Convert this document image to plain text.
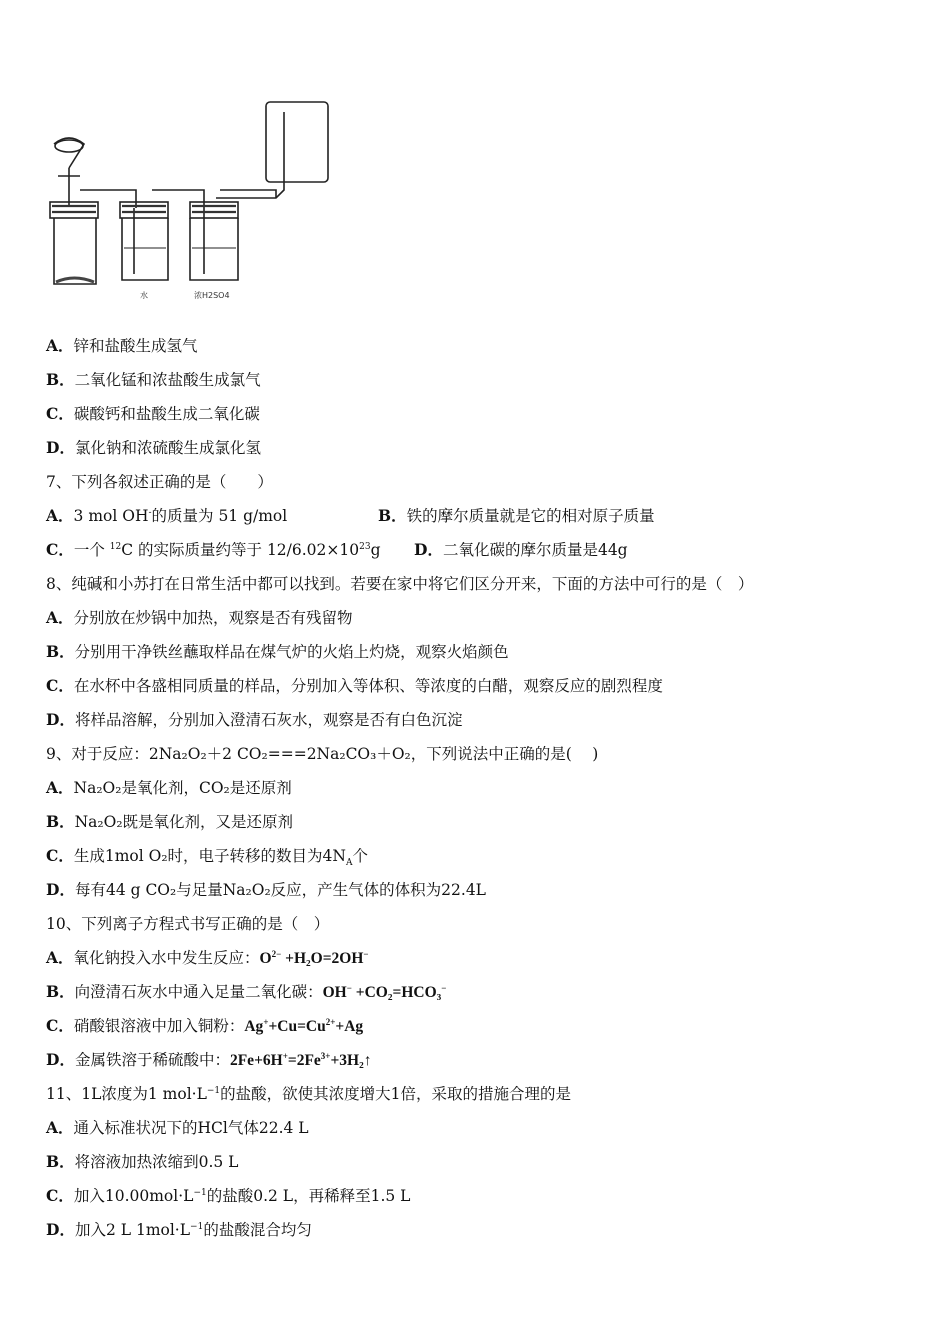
水	浓H2SO4
A．锌和盐酸生成氢气
B．二氧化锰和浓盐酸生成氯气
C．碳酸钙和盐酸生成二氧化碳
D．氯化钠和浓硫酸生成氯化氢
7、下列各叙述正确的是（　　）
A．3 mol OH-的质量为 51 g/mol	B．铁的摩尔质量就是它的相对原子质量
C．一个 $^{12}$C 的实际质量约等于 $12/6.02\times 10^{23}g$ D．二氧化碳的摩尔质量是44g
8、纯碱和小苏打在日常生活中都可以找到。若要在家中将它们区分开来，下面的方法中可行的是（　）
A．分别放在炒锅中加热，观察是否有残留物
B．分别用干净铁丝蘸取样品在煤气炉的火焰上灼烧，观察火焰颜色
C．在水杯中各盛相同质量的样品，分别加入等体积、等浓度的白醋，观察反应的剧烈程度
D．将样品溶解，分别加入澄清石灰水，观察是否有白色沉淀
9、对于反应：2Na₂O₂＋2 CO₂===2Na₂CO₃＋O₂，下列说法中正确的是(　 )
A．Na₂O₂是氧化剂，CO₂是还原剂
B．Na₂O₂既是氧化剂，又是还原剂
C．生成1mol O₂时，电子转移的数目为$4N_A$个
D．每有44 g CO₂与足量Na₂O₂反应，产生气体的体积为22.4L
10、下列离子方程式书写正确的是（　）
A．氧化钠投入水中发生反应：$O^{2-} +H_2O=2OH^-$
B．向澄清石灰水中通入足量二氧化碳：OH− +CO₂=HCO₃−
C．硝酸银溶液中加入铜粉：$Ag^++Cu=Cu^{2+}+Ag$
D．金属铁溶于稀硫酸中：$2Fe+6H^+=2Fe^{3+}+3H_2↑$
11、1L浓度为1 $mol\cdot L^{-1}$的盐酸，欲使其浓度增大1倍，采取的措施合理的是
A．通入标准状况下的HCl气体22.4 L
B．将溶液加热浓缩到0.5 L
C．加入$10.00mol\cdot L^{-1}$的盐酸0.2 L，再稀释至1.5 L
D．加入2 L $1mol\cdot L^{-1}$的盐酸混合均匀
